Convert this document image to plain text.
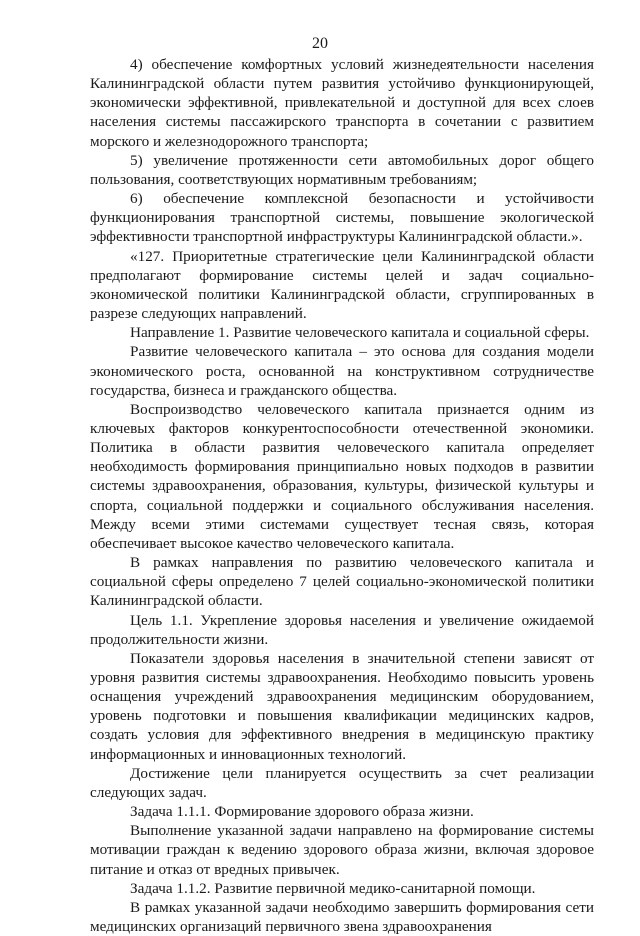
20

4) обеспечение комфортных условий жизнедеятельности населения Калининградской области путем развития устойчиво функционирующей, экономически эффективной, привлекательной и доступной для всех слоев населения системы пассажирского транспорта в сочетании с развитием морского и железнодорожного транспорта;

5) увеличение протяженности сети автомобильных дорог общего пользования, соответствующих нормативным требованиям;

6) обеспечение комплексной безопасности и устойчивости функционирования транспортной системы, повышение экологической эффективности транспортной инфраструктуры Калининградской области.».

«127. Приоритетные стратегические цели Калининградской области предполагают формирование системы целей и задач социально-экономической политики Калининградской области, сгруппированных в разрезе следующих направлений.

Направление 1. Развитие человеческого капитала и социальной сферы.

Развитие человеческого капитала – это основа для создания модели экономического роста, основанной на конструктивном сотрудничестве государства, бизнеса и гражданского общества.

Воспроизводство человеческого капитала признается одним из ключевых факторов конкурентоспособности отечественной экономики. Политика в области развития человеческого капитала определяет необходимость формирования принципиально новых подходов в развитии системы здравоохранения, образования, культуры, физической культуры и спорта, социальной поддержки и социального обслуживания населения. Между всеми этими системами существует тесная связь, которая обеспечивает высокое качество человеческого капитала.

В рамках направления по развитию человеческого капитала и социальной сферы определено 7 целей социально-экономической политики Калининградской области.

Цель 1.1. Укрепление здоровья населения и увеличение ожидаемой продолжительности жизни.

Показатели здоровья населения в значительной степени зависят от уровня развития системы здравоохранения. Необходимо повысить уровень оснащения учреждений здравоохранения медицинским оборудованием, уровень подготовки и повышения квалификации медицинских кадров, создать условия для эффективного внедрения в медицинскую практику информационных и инновационных технологий.

Достижение цели планируется осуществить за счет реализации следующих задач.

Задача 1.1.1. Формирование здорового образа жизни.

Выполнение указанной задачи направлено на формирование системы мотивации граждан к ведению здорового образа жизни, включая здоровое питание и отказ от вредных привычек.

Задача 1.1.2. Развитие первичной медико-санитарной помощи.

В рамках указанной задачи необходимо завершить формирования сети медицинских организаций первичного звена здравоохранения
